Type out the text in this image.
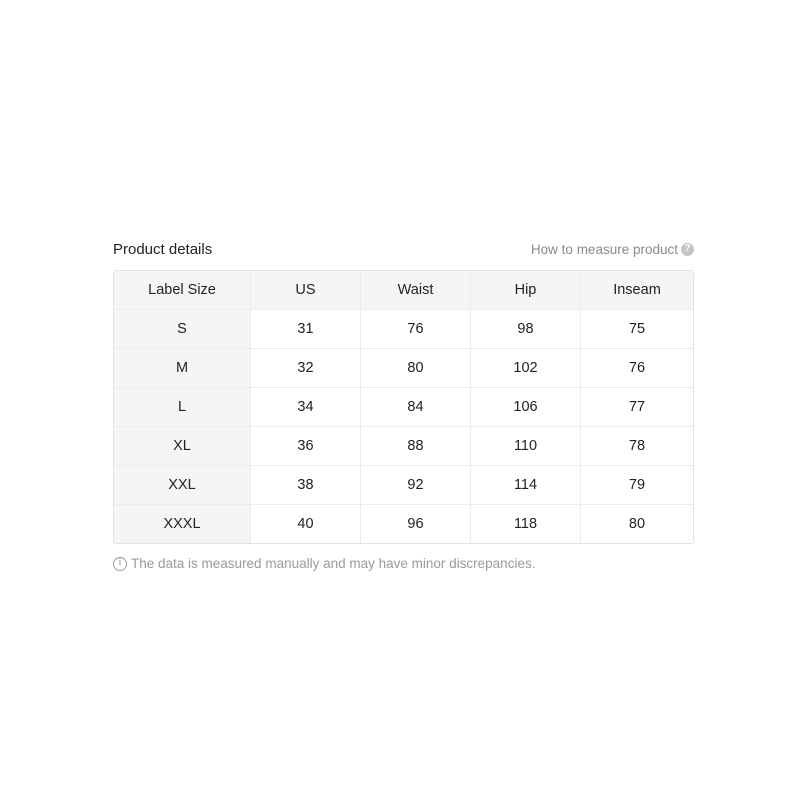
Product details	How to measure product ?
Label Size	US	Waist	Hip	Inseam
S	31	76	98	75
M	32	80	102	76
L	34	84	106	77
XL	36	88	110	78
XXL	38	92	114	79
XXXL	40	96	118	80
i The data is measured manually and may have minor discrepancies.
